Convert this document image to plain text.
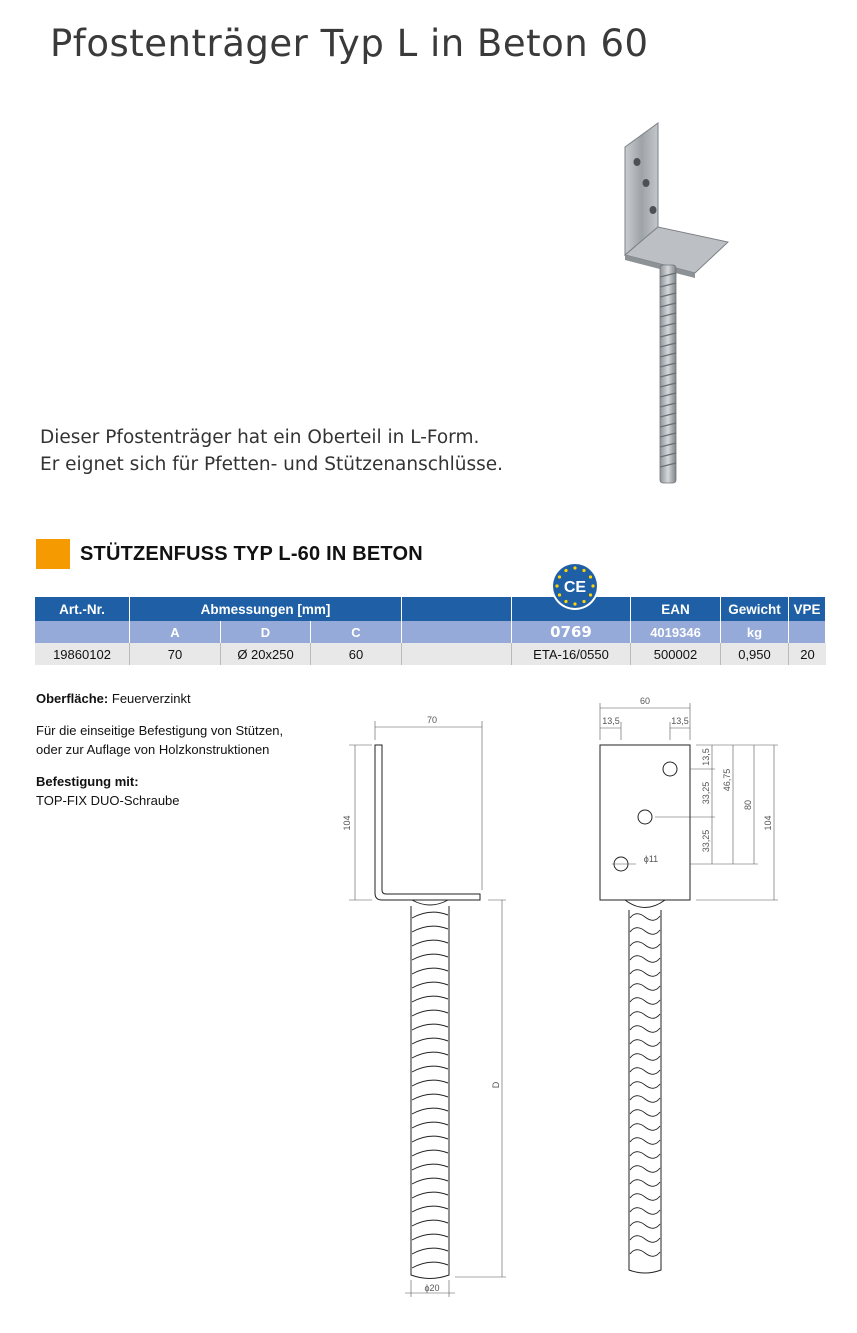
Pfostenträger Typ L in Beton 60
Dieser Pfostenträger hat ein Oberteil in L-Form.
Er eignet sich für Pfetten- und Stützenanschlüsse.
STÜTZENFUSS TYP L-60 IN BETON
Art.-Nr.	Abmessungen [mm]				CE	EAN	Gewicht	VPE
	A	D	C		0769	4019346	kg	
19860102	70	Ø 20x250	60		ETA-16/0550	500002	0,950	20

Oberfläche: Feuerverzinkt

Für die einseitige Befestigung von Stützen,
oder zur Auflage von Holzkonstruktionen

Befestigung mit:
TOP-FIX DUO-Schraube

70
104
D
ϕ20
60
13,5	13,5
13,5
33,25
33,25
46,75
80
104
ϕ11
